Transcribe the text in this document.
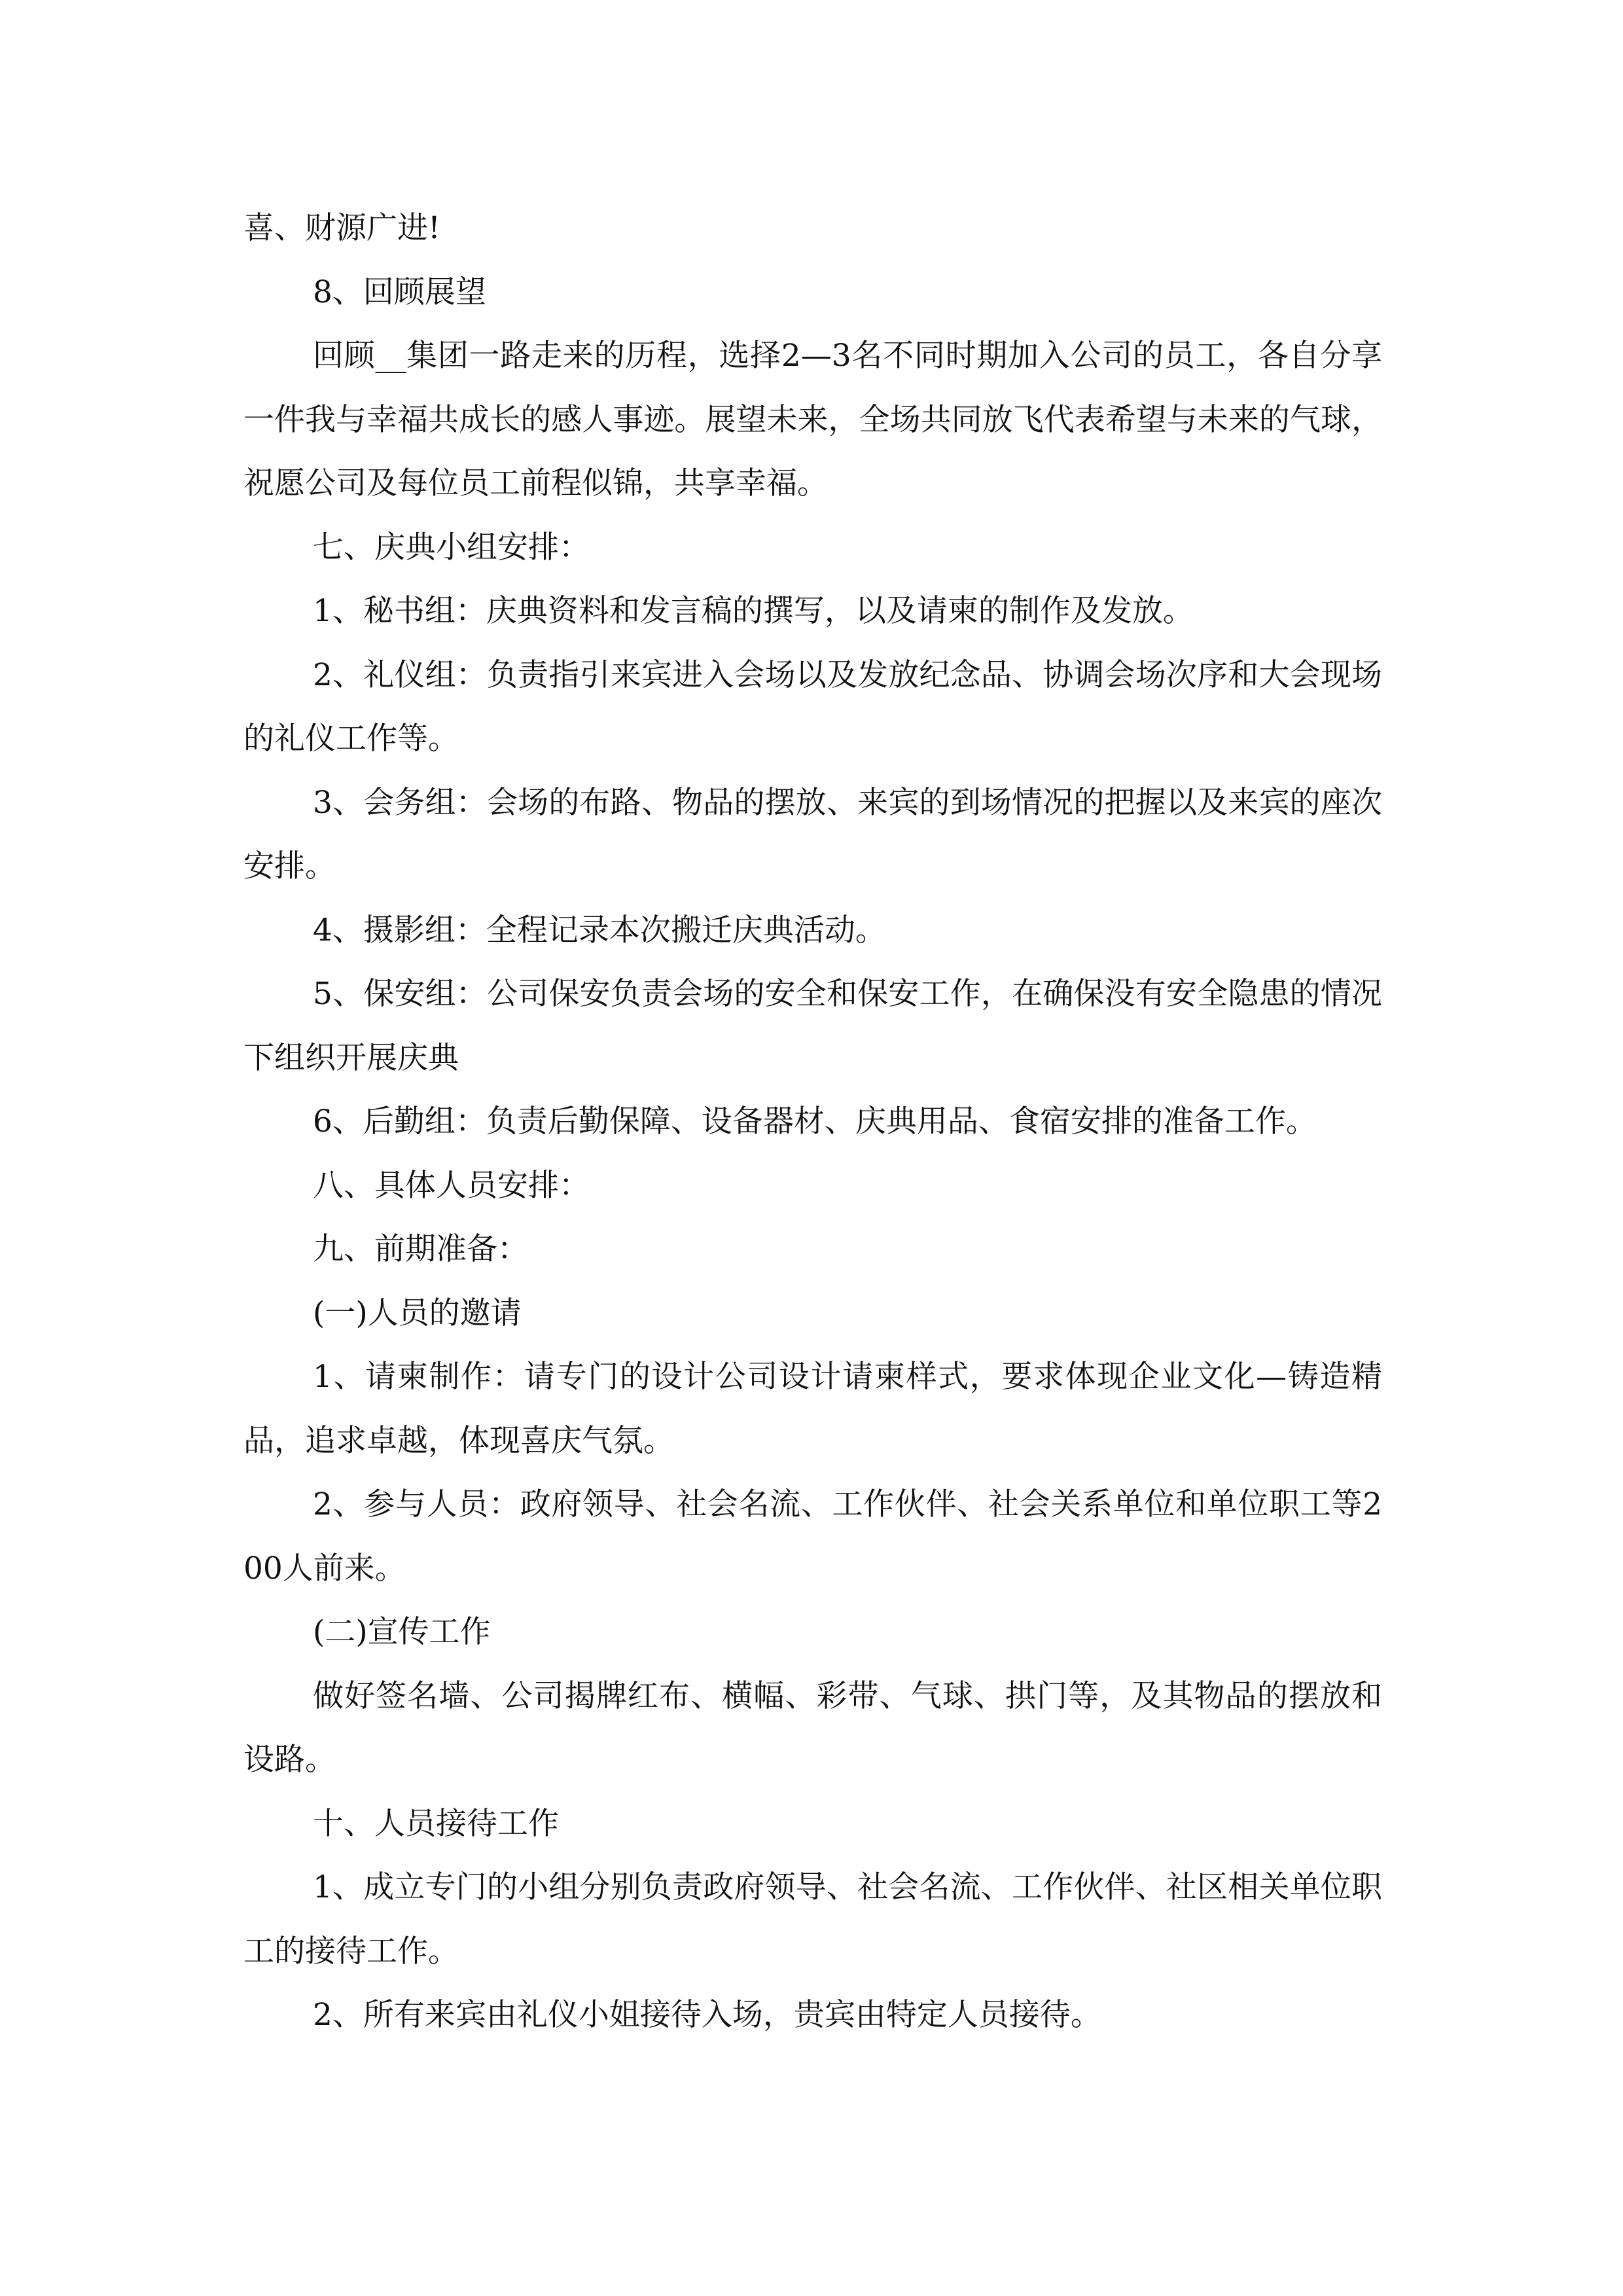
喜、财源广进!

8、回顾展望

回顾__集团一路走来的历程，选择2—3名不同时期加入公司的员工，各自分享一件我与幸福共成长的感人事迹。展望未来，全场共同放飞代表希望与未来的气球，祝愿公司及每位员工前程似锦，共享幸福。

七、庆典小组安排：

1、秘书组：庆典资料和发言稿的撰写，以及请柬的制作及发放。

2、礼仪组：负责指引来宾进入会场以及发放纪念品、协调会场次序和大会现场的礼仪工作等。

3、会务组：会场的布路、物品的摆放、来宾的到场情况的把握以及来宾的座次安排。

4、摄影组：全程记录本次搬迁庆典活动。

5、保安组：公司保安负责会场的安全和保安工作，在确保没有安全隐患的情况下组织开展庆典

6、后勤组：负责后勤保障、设备器材、庆典用品、食宿安排的准备工作。

八、具体人员安排：

九、前期准备：

(一)人员的邀请

1、请柬制作：请专门的设计公司设计请柬样式，要求体现企业文化—铸造精品，追求卓越，体现喜庆气氛。

2、参与人员：政府领导、社会名流、工作伙伴、社会关系单位和单位职工等200人前来。

(二)宣传工作

做好签名墙、公司揭牌红布、横幅、彩带、气球、拱门等，及其物品的摆放和设路。

十、人员接待工作

1、成立专门的小组分别负责政府领导、社会名流、工作伙伴、社区相关单位职工的接待工作。

2、所有来宾由礼仪小姐接待入场，贵宾由特定人员接待。
